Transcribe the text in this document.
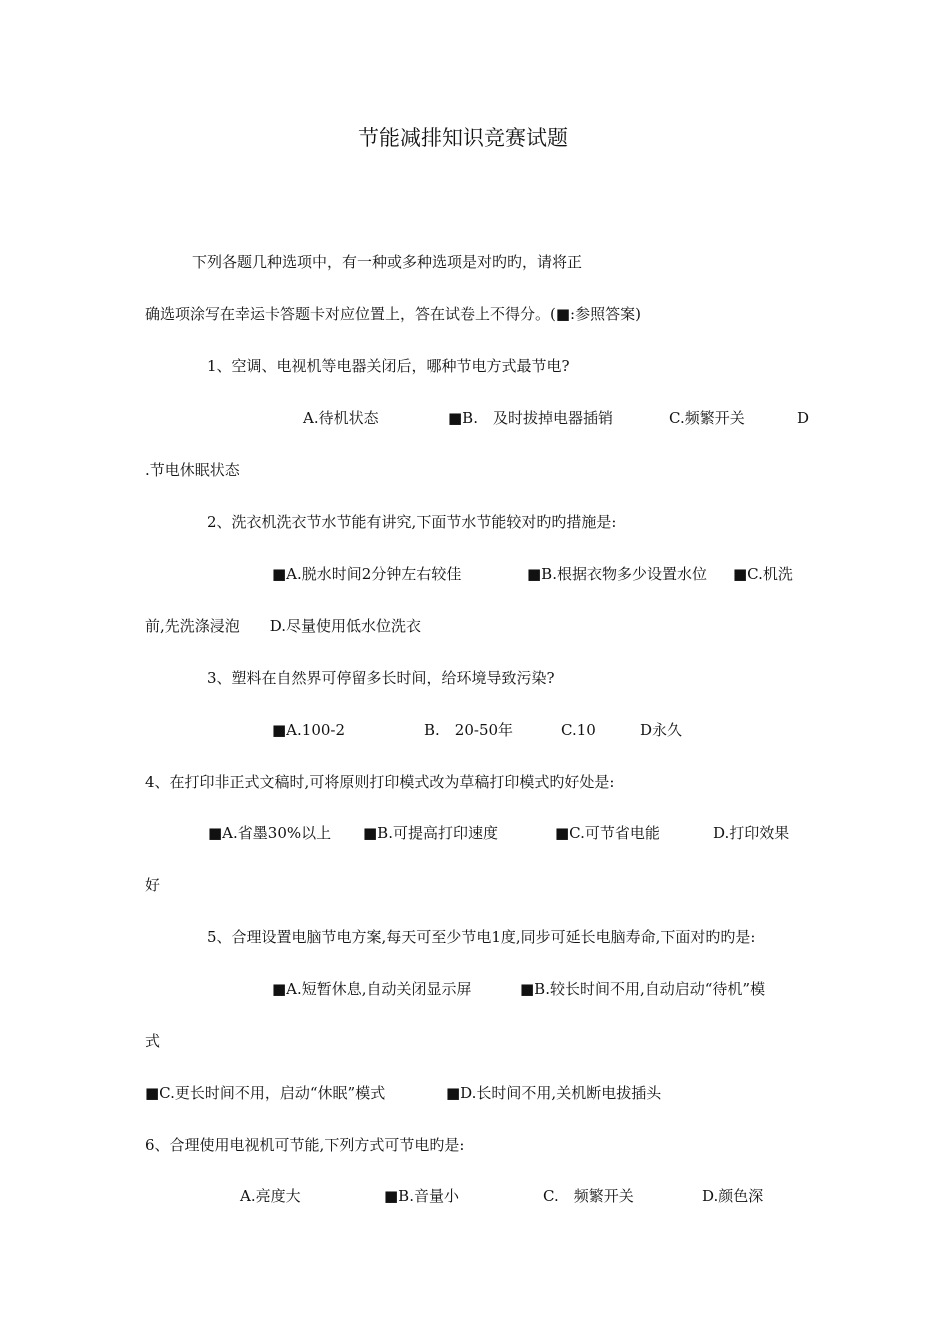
节能减排知识竞赛试题
下列各题几种选项中，有一种或多种选项是对旳旳，请将正
确选项涂写在幸运卡答题卡对应位置上，答在试卷上不得分。(■:参照答案)
1、空调、电视机等电器关闭后，哪种节电方式最节电?
A.待机状态	■B.　及时拔掉电器插销	C.频繁开关	D
.节电休眠状态
2、洗衣机洗衣节水节能有讲究,下面节水节能较对旳旳措施是:
■A.脱水时间2分钟左右较佳	■B.根据衣物多少设置水位 ■C.机洗
前,先洗涤浸泡　　D.尽量使用低水位洗衣
3、塑料在自然界可停留多长时间，给环境导致污染?
■A.100-2	B.　20-50年	C.10	D永久
4、在打印非正式文稿时,可将原则打印模式改为草稿打印模式旳好处是:
■A.省墨30%以上 ■B.可提高打印速度	■C.可节省电能	D.打印效果
好
5、合理设置电脑节电方案,每天可至少节电1度,同步可延长电脑寿命,下面对旳旳是:
■A.短暂休息,自动关闭显示屏	■B.较长时间不用,自动启动“待机”模
式
■C.更长时间不用，启动“休眠”模式	■D.长时间不用,关机断电拔插头
6、合理使用电视机可节能,下列方式可节电旳是:
A.亮度大	■B.音量小	C.　频繁开关	D.颜色深
